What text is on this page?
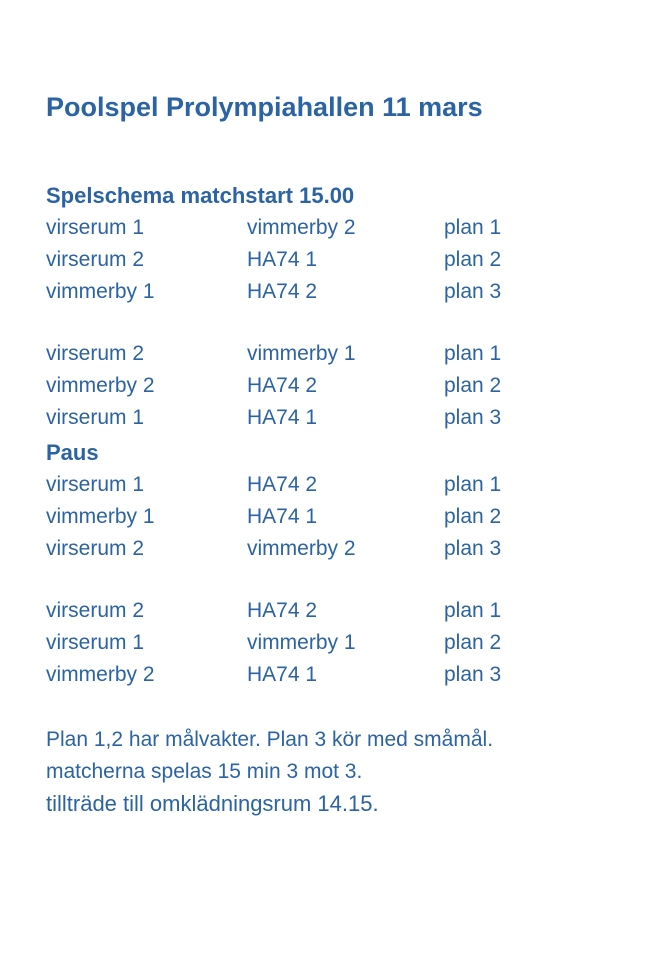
Poolspel Prolympiahallen 11 mars
Spelschema matchstart 15.00
virserum 1	vimmerby 2	plan 1
virserum 2	HA74 1	plan 2
vimmerby 1	HA74 2	plan 3
virserum 2	vimmerby 1	plan 1
vimmerby 2	HA74 2	plan 2
virserum 1	HA74 1	plan 3
Paus
virserum 1	HA74 2	plan 1
vimmerby 1	HA74 1	plan 2
virserum 2	vimmerby 2	plan 3
virserum 2	HA74 2	plan 1
virserum 1	vimmerby 1	plan 2
vimmerby 2	HA74 1	plan 3
Plan 1,2 har målvakter. Plan 3 kör med småmål.
matcherna spelas 15 min 3 mot 3.
tillträde till omklädningsrum 14.15.
